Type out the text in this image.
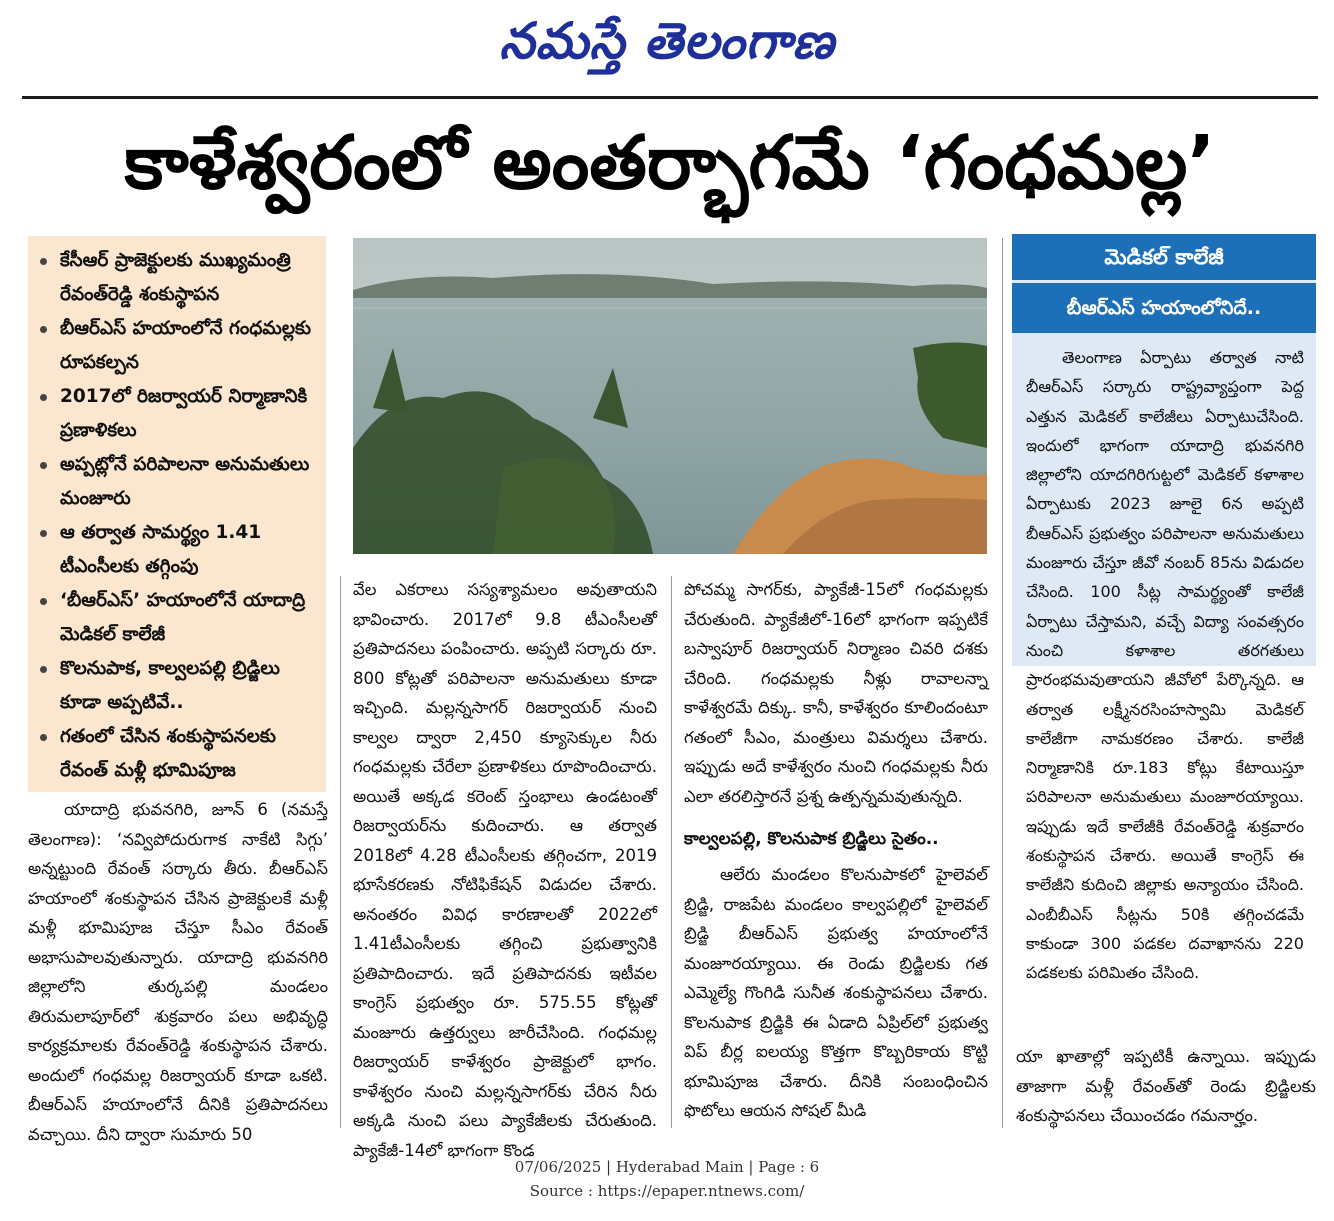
నమస్తే తెలంగాణ
కాళేశ్వరంలో అంతర్భాగమే ‘గంధమల్ల’
కేసీఆర్‌ ప్రాజెక్టులకు ముఖ్యమంత్రి రేవంత్‌రెడ్డి శంకుస్థాపన
బీఆర్‌ఎస్‌ హయాంలోనే గంధమల్లకు రూపకల్పన
2017లో రిజర్వాయర్‌ నిర్మాణానికి ప్రణాళికలు
అప్పట్లోనే పరిపాలనా అనుమతులు మంజూరు
ఆ తర్వాత సామర్థ్యం 1.41 టీఎంసీలకు తగ్గింపు
‘బీఆర్‌ఎస్‌’ హయాంలోనే యాదాద్రి మెడికల్‌ కాలేజీ
కొలనుపాక, కాల్వలపల్లి బ్రిడ్జిలు కూడా అప్పటివే..
గతంలో చేసిన శంకుస్థాపనలకు రేవంత్‌ మళ్లీ భూమిపూజ

యాదాద్రి భువనగిరి, జూన్‌ 6 (నమస్తే తెలంగాణ): ‘నవ్విపోదురుగాక నాకేటి సిగ్గు’ అన్నట్టుంది రేవంత్‌ సర్కారు తీరు. బీఆర్‌ఎస్‌ హయాంలో శంకుస్థాపన చేసిన ప్రాజెక్టులకే మళ్లీ మళ్లీ భూమిపూజ చేస్తూ సీఎం రేవంత్‌ అభాసుపాలవుతున్నారు. యాదాద్రి భువనగిరి జిల్లాలోని తుర్కపల్లి మండలం తిరుమలాపూర్‌లో శుక్రవారం పలు అభివృద్ధి కార్యక్రమాలకు రేవంత్‌రెడ్డి శంకుస్థాపన చేశారు. అందులో గంధమల్ల రిజర్వాయర్‌ కూడా ఒకటి. బీఆర్‌ఎస్‌ హయాంలోనే దీనికి ప్రతిపాదనలు వచ్చాయి. దీని ద్వారా సుమారు 50

వేల ఎకరాలు సస్యశ్యామలం అవుతాయని భావించారు. 2017లో 9.8 టీఎంసీలతో ప్రతిపాదనలు పంపించారు. అప్పటి సర్కారు రూ. 800 కోట్లతో పరిపాలనా అనుమతులు కూడా ఇచ్చింది. మల్లన్నసాగర్‌ రిజర్వాయర్‌ నుంచి కాల్వల ద్వారా 2,450 క్యూసెక్కుల నీరు గంధమల్లకు చేరేలా ప్రణాళికలు రూపొందించారు. అయితే అక్కడ కరెంట్‌ స్తంభాలు ఉండటంతో రిజర్వాయర్‌ను కుదించారు. ఆ తర్వాత 2018లో 4.28 టీఎంసీలకు తగ్గించగా, 2019 భూసేకరణకు నోటిఫికేషన్‌ విడుదల చేశారు. అనంతరం వివిధ కారణాలతో 2022లో 1.41టీఎంసీలకు తగ్గించి ప్రభుత్వానికి ప్రతిపాదించారు. ఇదే ప్రతిపాదనకు ఇటీవల కాంగ్రెస్‌ ప్రభుత్వం రూ. 575.55 కోట్లతో మంజూరు ఉత్తర్వులు జారీచేసింది. గంధమల్ల రిజర్వాయర్‌ కాళేశ్వరం ప్రాజెక్టులో భాగం. కాళేశ్వరం నుంచి మల్లన్నసాగర్‌కు చేరిన నీరు అక్కడి నుంచి పలు ప్యాకేజీలకు చేరుతుంది. ప్యాకేజీ-14లో భాగంగా కొండ

పోచమ్మ సాగర్‌కు, ప్యాకేజీ-15లో గంధమల్లకు చేరుతుంది. ప్యాకేజీలో-16లో భాగంగా ఇప్పటికే బస్వాపూర్‌ రిజర్వాయర్‌ నిర్మాణం చివరి దశకు చేరింది. గంధమల్లకు నీళ్లు రావాలన్నా కాళేశ్వరమే దిక్కు. కానీ, కాళేశ్వరం కూలిందంటూ గతంలో సీఎం, మంత్రులు విమర్శలు చేశారు. ఇప్పుడు అదే కాళేశ్వరం నుంచి గంధమల్లకు నీరు ఎలా తరలిస్తారనే ప్రశ్న ఉత్పన్నమవుతున్నది.

కాల్వలపల్లి, కొలనుపాక బ్రిడ్జిలు సైతం..

ఆలేరు మండలం కొలనుపాకలో హైలెవల్‌ బ్రిడ్జి, రాజపేట మండలం కాల్వపల్లిలో హైలెవల్‌ బ్రిడ్జి బీఆర్‌ఎస్‌ ప్రభుత్వ హయాంలోనే మంజూరయ్యాయి. ఈ రెండు బ్రిడ్జిలకు గత ఎమ్మెల్యే గొంగిడి సునీత శంకుస్థాపనలు చేశారు. కొలనుపాక బ్రిడ్జికి ఈ ఏడాది ఏప్రిల్‌లో ప్రభుత్వ విప్‌ బీర్ల ఐలయ్య కొత్తగా కొబ్బరికాయ కొట్టి భూమిపూజ చేశారు. దీనికి సంబంధించిన ఫొటోలు ఆయన సోషల్‌ మీడి

మెడికల్‌ కాలేజీ
బీఆర్‌ఎస్‌ హయాంలోనిదే..
తెలంగాణ ఏర్పాటు తర్వాత నాటి బీఆర్‌ఎస్‌ సర్కారు రాష్ట్రవ్యాప్తంగా పెద్ద ఎత్తున మెడికల్‌ కాలేజీలు ఏర్పాటుచేసింది. ఇందులో భాగంగా యాదాద్రి భువనగిరి జిల్లాలోని యాదగిరిగుట్టలో మెడికల్‌ కళాశాల ఏర్పాటుకు 2023 జూలై 6న అప్పటి బీఆర్‌ఎస్‌ ప్రభుత్వం పరిపాలనా అనుమతులు మంజూరు చేస్తూ జీవో నంబర్‌ 85ను విడుదల చేసింది. 100 సీట్ల సామర్థ్యంతో కాలేజీ ఏర్పాటు చేస్తామని, వచ్చే విద్యా సంవత్సరం నుంచి కళాశాల తరగతులు ప్రారంభమవుతాయని జీవోలో పేర్కొన్నది. ఆ తర్వాత లక్ష్మీనరసింహస్వామి మెడికల్‌ కాలేజీగా నామకరణం చేశారు. కాలేజీ నిర్మాణానికి రూ.183 కోట్లు కేటాయిస్తూ పరిపాలనా అనుమతులు మంజూరయ్యాయి. ఇప్పుడు ఇదే కాలేజీకి రేవంత్‌రెడ్డి శుక్రవారం శంకుస్థాపన చేశారు. అయితే కాంగ్రెస్‌ ఈ కాలేజీని కుదించి జిల్లాకు అన్యాయం చేసింది. ఎంబీబీఎస్‌ సీట్లను 50కి తగ్గించడమే కాకుండా 300 పడకల దవాఖానను 220 పడకలకు పరిమితం చేసింది.

యా ఖాతాల్లో ఇప్పటికీ ఉన్నాయి. ఇప్పుడు తాజాగా మళ్లీ రేవంత్‌తో రెండు బ్రిడ్జిలకు శంకుస్థాపనలు చేయించడం గమనార్హం.

07/06/2025 | Hyderabad Main | Page : 6
Source : https://epaper.ntnews.com/
